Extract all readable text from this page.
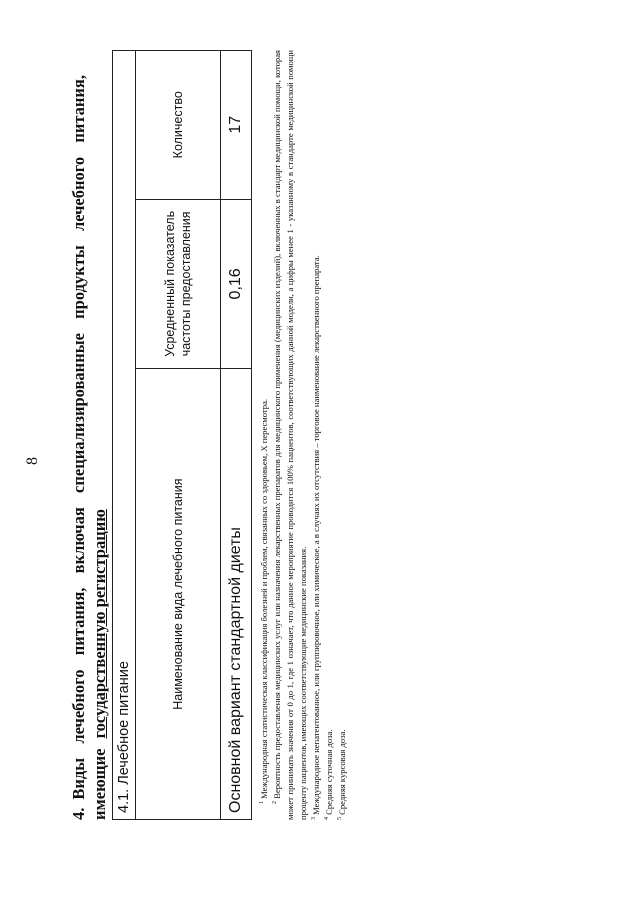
8
4.Виды лечебного питания, включая специализированные продукты лечебного питания, имеющие государственную регистрацию 4.1. Лечебное питание		
Наименование вида лечебного питания	Усредненный показатель частоты предоставления	Количество
Основной вариант стандартной диеты	0,16	17

$^1$ Международная статистическая классификация болезней и проблем, связанных со здоровьем, X пересмотра.

$^2$ Вероятность предоставления медицинских услуг или назначения лекарственных препаратов для медицинского применения (медицинских изделий), включенных в стандарт медицинской помощи, которая может принимать значения от 0 до 1, где 1 означает, что данное мероприятие проводится 100% пациентов, соответствующих данной модели, а цифры менее 1 - указанному в стандарте медицинской помощи проценту пациентов, имеющих соответствующие медицинские показания. $^3$ Международное непатентованное, или группировочное, или химическое, а в случаях их отсутствия – торговое наименование лекарственного препарата.

$^4$ Средняя суточная доза.

$^5$ Средняя курсовая доза.
